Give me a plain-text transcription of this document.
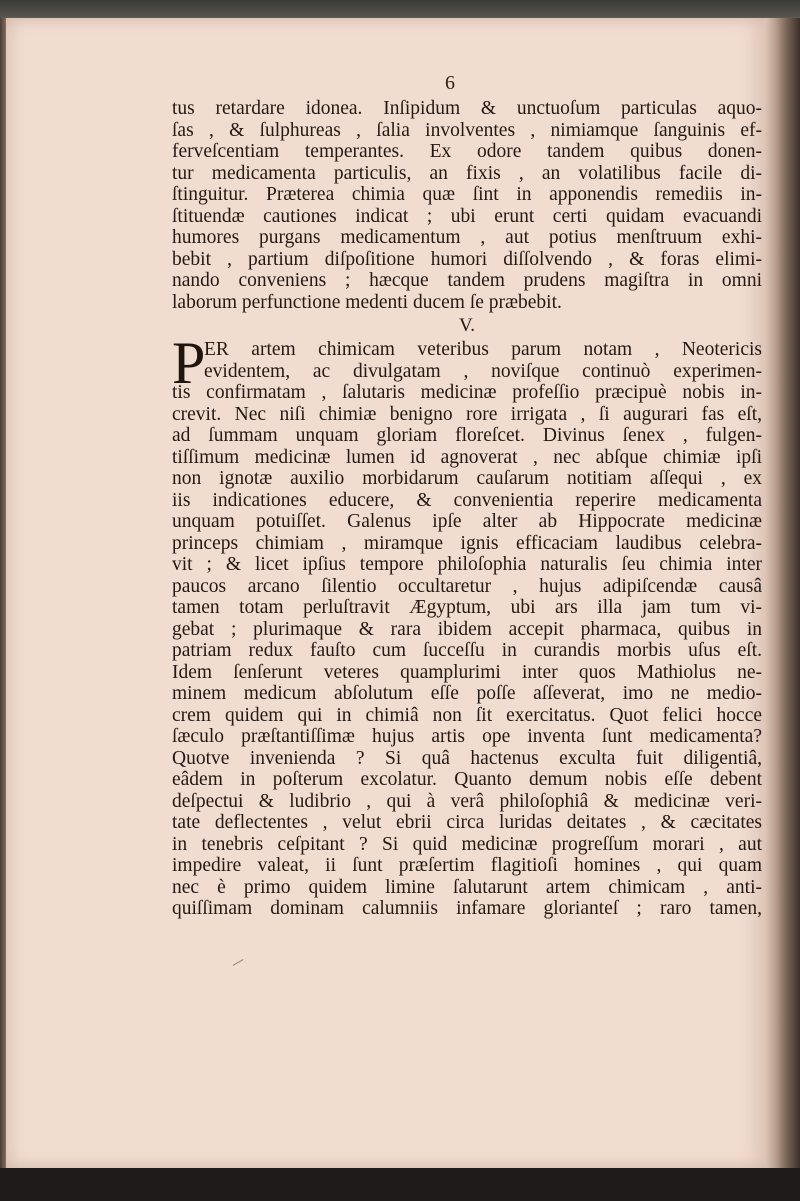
6

tus retardare idonea. Inſipidum & unctuoſum particulas aquo-

ſas , & ſulphureas , ſalia involventes , nimiamque ſanguinis ef-

ferveſcentiam temperantes. Ex odore tandem quibus donen-

tur medicamenta particulis, an fixis , an volatilibus facile di-

ſtinguitur. Præterea chimia quæ ſint in apponendis remediis in-

ſtituendæ cautiones indicat ; ubi erunt certi quidam evacuandi

humores purgans medicamentum , aut potius menſtruum exhi-

bebit , partium diſpoſitione humori diſſolvendo , & foras elimi-

nando conveniens ; hæcque tandem prudens magiſtra in omni

laborum perfunctione medenti ducem ſe præbebit.

V.

P

ER artem chimicam veteribus parum notam , Neotericis

evidentem, ac divulgatam , noviſque continuò experimen-

tis confirmatam , ſalutaris medicinæ profeſſio præcipuè nobis in-

crevit. Nec niſi chimiæ benigno rore irrigata , ſi augurari fas eſt,

ad ſummam unquam gloriam floreſcet. Divinus ſenex , fulgen-

tiſſimum medicinæ lumen id agnoverat , nec abſque chimiæ ipſi

non ignotæ auxilio morbidarum cauſarum notitiam aſſequi , ex

iis indicationes educere, & convenientia reperire medicamenta

unquam potuiſſet. Galenus ipſe alter ab Hippocrate medicinæ

princeps chimiam , miramque ignis efficaciam laudibus celebra-

vit ; & licet ipſius tempore philoſophia naturalis ſeu chimia inter

paucos arcano ſilentio occultaretur , hujus adipiſcendæ causâ

tamen totam perluſtravit Ægyptum, ubi ars illa jam tum vi-

gebat ; plurimaque & rara ibidem accepit pharmaca, quibus in

patriam redux fauſto cum ſucceſſu in curandis morbis uſus eſt.

Idem ſenſerunt veteres quamplurimi inter quos Mathiolus ne-

minem medicum abſolutum eſſe poſſe aſſeverat, imo ne medio-

crem quidem qui in chimiâ non ſit exercitatus. Quot felici hocce

ſæculo præſtantiſſimæ hujus artis ope inventa ſunt medicamenta?

Quotve invenienda ? Si quâ hactenus exculta fuit diligentiâ,

eâdem in poſterum excolatur. Quanto demum nobis eſſe debent

deſpectui & ludibrio , qui à verâ philoſophiâ & medicinæ veri-

tate deflectentes , velut ebrii circa luridas deitates , & cæcitates

in tenebris ceſpitant ? Si quid medicinæ progreſſum morari , aut

impedire valeat, ii ſunt præſertim flagitioſi homines , qui quam

nec è primo quidem limine ſalutarunt artem chimicam , anti-

quiſſimam dominam calumniis infamare glorianteſ ; raro tamen,
